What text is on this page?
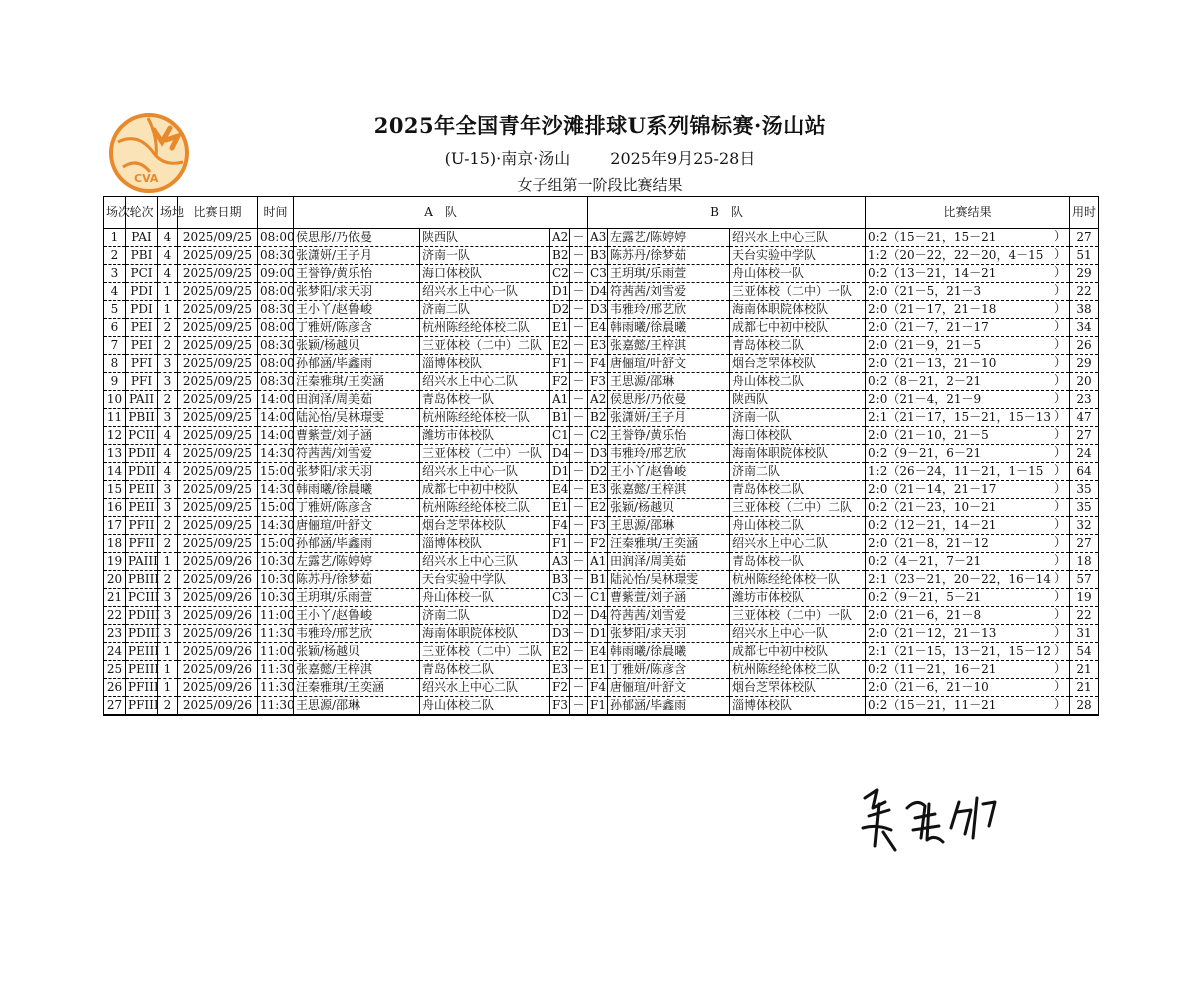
CVA
2025年全国青年沙滩排球U系列锦标赛·汤山站
(U-15)·南京·汤山	2025年9月25-28日
女子组第一阶段比赛结果
场次	轮次	场地	比赛日期	时间	A　队				B　队			比赛结果	用时
1	PAI	4	2025/09/25	08:00	侯思彤/乃依曼	陕西队	A2	－	A3	左露艺/陈婷婷	绍兴水上中心三队	0:2（15－21，15－21 ）	27
2	PBI	4	2025/09/25	08:30	张潇妍/王子月	济南一队	B2	－	B3	陈苏丹/徐梦茹	天台实验中学队	1:2（20－22，22－20，4－15 ）	51
3	PCI	4	2025/09/25	09:00	王誉铮/黄乐怡	海口体校队	C2	－	C3	王玥琪/乐雨萱	舟山体校一队	0:2（13－21，14－21 ）	29
4	PDI	1	2025/09/25	08:00	张梦阳/求天羽	绍兴水上中心一队	D1	－	D4	符茜茜/刘雪爱	三亚体校（二中）一队	2:0（21－5，21－3 ）	22
5	PDI	1	2025/09/25	08:30	王小丫/赵鲁峻	济南二队	D2	－	D3	韦雅玲/邢艺欣	海南体职院体校队	2:0（21－17，21－18 ）	38
6	PEI	2	2025/09/25	08:00	丁雅妍/陈彦含	杭州陈经纶体校二队	E1	－	E4	韩雨曦/徐晨曦	成都七中初中校队	2:0（21－7，21－17 ）	34
7	PEI	2	2025/09/25	08:30	张颖/杨越贝	三亚体校（二中）二队	E2	－	E3	张嘉懿/王梓淇	青岛体校二队	2:0（21－9，21－5 ）	26
8	PFI	3	2025/09/25	08:00	孙郁涵/毕鑫雨	淄博体校队	F1	－	F4	唐俪瑄/叶舒文	烟台芝罘体校队	2:0（21－13，21－10 ）	29
9	PFI	3	2025/09/25	08:30	汪秦雅琪/王奕涵	绍兴水上中心二队	F2	－	F3	王思源/邵琳	舟山体校二队	0:2（8－21，2－21 ）	20
10	PAII	2	2025/09/25	14:00	田润泽/周美茹	青岛体校一队	A1	－	A2	侯思彤/乃依曼	陕西队	2:0（21－4，21－9 ）	23
11	PBII	3	2025/09/25	14:00	陆沁怡/吴林璟雯	杭州陈经纶体校一队	B1	－	B2	张潇妍/王子月	济南一队	2:1（21－17，15－21，15－13 ）	47
12	PCII	4	2025/09/25	14:00	曹紫萱/刘子涵	潍坊市体校队	C1	－	C2	王誉铮/黄乐怡	海口体校队	2:0（21－10，21－5 ）	27
13	PDII	4	2025/09/25	14:30	符茜茜/刘雪爱	三亚体校（二中）一队	D4	－	D3	韦雅玲/邢艺欣	海南体职院体校队	0:2（9－21，6－21 ）	24
14	PDII	4	2025/09/25	15:00	张梦阳/求天羽	绍兴水上中心一队	D1	－	D2	王小丫/赵鲁峻	济南二队	1:2（26－24，11－21，1－15 ）	64
15	PEII	3	2025/09/25	14:30	韩雨曦/徐晨曦	成都七中初中校队	E4	－	E3	张嘉懿/王梓淇	青岛体校二队	2:0（21－14，21－17 ）	35
16	PEII	3	2025/09/25	15:00	丁雅妍/陈彦含	杭州陈经纶体校二队	E1	－	E2	张颖/杨越贝	三亚体校（二中）二队	0:2（21－23，10－21 ）	35
17	PFII	2	2025/09/25	14:30	唐俪瑄/叶舒文	烟台芝罘体校队	F4	－	F3	王思源/邵琳	舟山体校二队	0:2（12－21，14－21 ）	32
18	PFII	2	2025/09/25	15:00	孙郁涵/毕鑫雨	淄博体校队	F1	－	F2	汪秦雅琪/王奕涵	绍兴水上中心二队	2:0（21－8，21－12 ）	27
19	PAIII	1	2025/09/26	10:30	左露艺/陈婷婷	绍兴水上中心三队	A3	－	A1	田润泽/周美茹	青岛体校一队	0:2（4－21，7－21 ）	18
20	PBIII	2	2025/09/26	10:30	陈苏丹/徐梦茹	天台实验中学队	B3	－	B1	陆沁怡/吴林璟雯	杭州陈经纶体校一队	2:1（23－21，20－22，16－14 ）	57
21	PCIII	3	2025/09/26	10:30	王玥琪/乐雨萱	舟山体校一队	C3	－	C1	曹紫萱/刘子涵	潍坊市体校队	0:2（9－21，5－21 ）	19
22	PDIII	3	2025/09/26	11:00	王小丫/赵鲁峻	济南二队	D2	－	D4	符茜茜/刘雪爱	三亚体校（二中）一队	2:0（21－6，21－8 ）	22
23	PDIII	3	2025/09/26	11:30	韦雅玲/邢艺欣	海南体职院体校队	D3	－	D1	张梦阳/求天羽	绍兴水上中心一队	2:0（21－12，21－13 ）	31
24	PEIII	1	2025/09/26	11:00	张颖/杨越贝	三亚体校（二中）二队	E2	－	E4	韩雨曦/徐晨曦	成都七中初中校队	2:1（21－15，13－21，15－12 ）	54
25	PEIII	1	2025/09/26	11:30	张嘉懿/王梓淇	青岛体校二队	E3	－	E1	丁雅妍/陈彦含	杭州陈经纶体校二队	0:2（11－21，16－21 ）	21
26	PFIII	1	2025/09/26	11:30	汪秦雅琪/王奕涵	绍兴水上中心二队	F2	－	F4	唐俪瑄/叶舒文	烟台芝罘体校队	2:0（21－6，21－10 ）	21
27	PFIII	2	2025/09/26	11:30	王思源/邵琳	舟山体校二队	F3	－	F1	孙郁涵/毕鑫雨	淄博体校队	0:2（15－21，11－21 ）	28
